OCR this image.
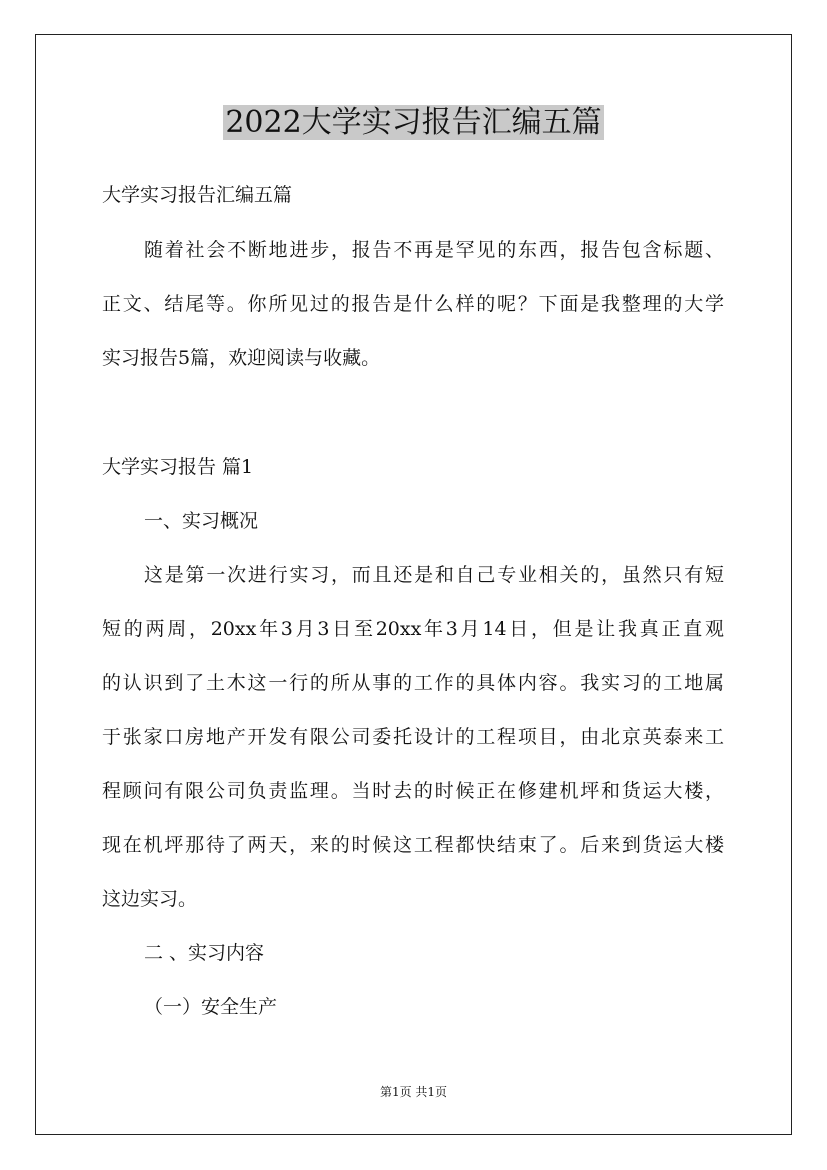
2022大学实习报告汇编五篇
大学实习报告汇编五篇
随着社会不断地进步，报告不再是罕见的东西，报告包含标题、
正文、结尾等。你所见过的报告是什么样的呢？下面是我整理的大学
实习报告5篇，欢迎阅读与收藏。
大学实习报告 篇1
一、实习概况
这是第一次进行实习，而且还是和自己专业相关的，虽然只有短
短的两周，20xx年3月3日至20xx年3月14日，但是让我真正直观
的认识到了土木这一行的所从事的工作的具体内容。我实习的工地属
于张家口房地产开发有限公司委托设计的工程项目，由北京英泰来工
程顾问有限公司负责监理。当时去的时候正在修建机坪和货运大楼，
现在机坪那待了两天，来的时候这工程都快结束了。后来到货运大楼
这边实习。
二 、实习内容
（一）安全生产
第1页 共1页
